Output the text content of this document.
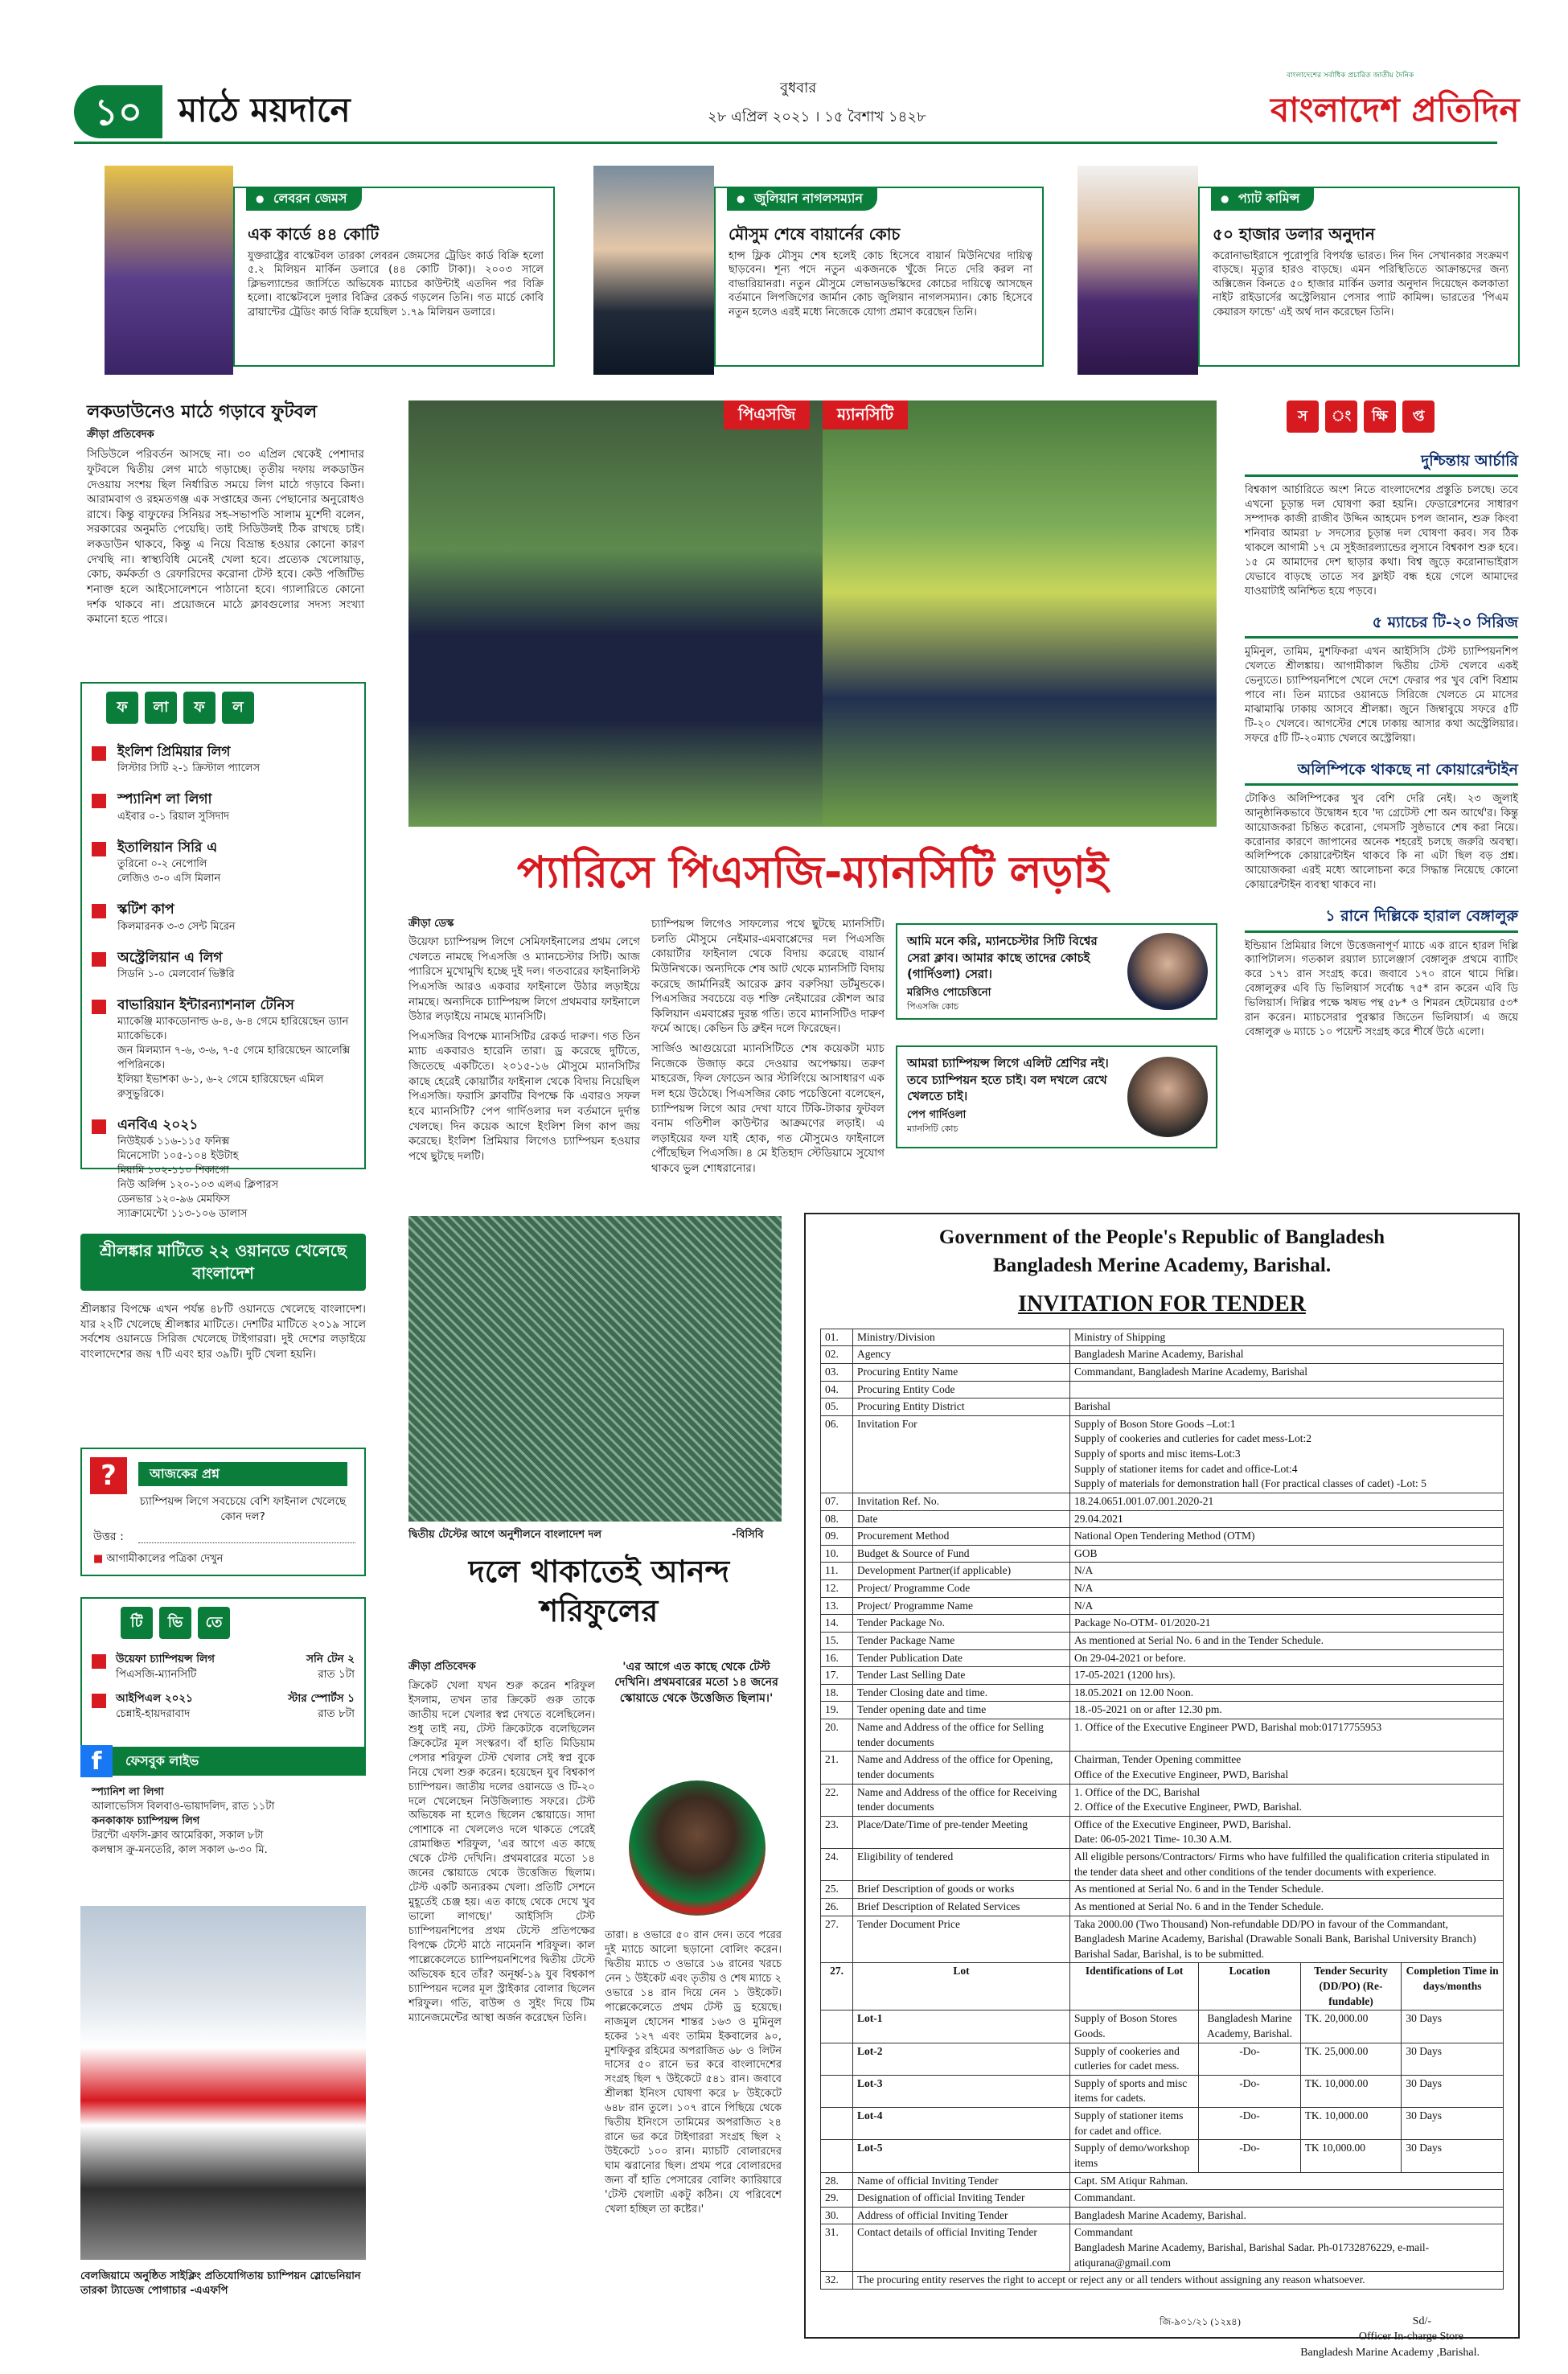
১০	মাঠে ময়দানে
বুধবার
২৮ এপ্রিল ২০২১ । ১৫ বৈশাখ ১৪২৮
বাংলাদেশের সর্বাধিক প্রচারিত জাতীয় দৈনিক
বাংলাদেশ প্রতিদিন
● লেবরন জেমস
এক কার্ডে ৪৪ কোটি
যুক্তরাষ্ট্রের বাস্কেটবল তারকা লেবরন জেমসের ট্রেডিং কার্ড বিক্রি হলো ৫.২ মিলিয়ন মার্কিন ডলারে (৪৪ কোটি টাকা)। ২০০৩ সালে ক্লিভল্যান্ডের জার্সিতে অভিষেক ম্যাচের কাউন্টাই এতদিন পর বিক্রি হলো। বাস্কেটবলে দুলার বিক্রির রেকর্ড গড়লেন তিনি। গত মার্চে কোবি ব্রায়ান্টের ট্রেডিং কার্ড বিক্রি হয়েছিল ১.৭৯ মিলিয়ন ডলারে।
● জুলিয়ান নাগলসম্যান
মৌসুম শেষে বায়ার্নের কোচ
হান্স ফ্লিক মৌসুম শেষ হলেই কোচ হিসেবে বায়ার্ন মিউনিখের দায়িত্ব ছাড়বেন। শূন্য পদে নতুন একজনকে খুঁজে নিতে দেরি করল না বাভারিয়ানরা। নতুন মৌসুমে লেভানডভস্কিদের কোচের দায়িত্বে আসছেন বর্তমানে লিপজিগের জার্মান কোচ জুলিয়ান নাগলসম্যান। কোচ হিসেবে নতুন হলেও এরই মধ্যে নিজেকে যোগ্য প্রমাণ করেছেন তিনি।
● প্যাট কামিন্স
৫০ হাজার ডলার অনুদান
করোনাভাইরাসে পুরোপুরি বিপর্যস্ত ভারত। দিন দিন সেখানকার সংক্রমণ বাড়ছে। মৃত্যুর হারও বাড়ছে। এমন পরিস্থিতিতে আক্রান্তদের জন্য অক্সিজেন কিনতে ৫০ হাজার মার্কিন ডলার অনুদান দিয়েছেন কলকাতা নাইট রাইডার্সের অস্ট্রেলিয়ান পেসার প্যাট কামিন্স। ভারতের 'পিএম কেয়ারস ফান্ডে' এই অর্থ দান করেছেন তিনি।
লকডাউনেও মাঠে গড়াবে ফুটবল
ক্রীড়া প্রতিবেদক

সিডিউলে পরিবর্তন আসছে না। ৩০ এপ্রিল থেকেই পেশাদার ফুটবলে দ্বিতীয় লেগ মাঠে গড়াচ্ছে। তৃতীয় দফায় লকডাউন দেওয়ায় সংশয় ছিল নির্ধারিত সময়ে লিগ মাঠে গড়াবে কিনা। আরামবাগ ও রহমতগঞ্জ এক সপ্তাহের জন্য পেছানোর অনুরোধও রাখে। কিন্তু বাফুফের সিনিয়র সহ-সভাপতি সালাম মুর্শেদী বলেন, সরকারের অনুমতি পেয়েছি। তাই সিডিউলই ঠিক রাখছে চাই। লকডাউন থাকবে, কিন্তু এ নিয়ে বিভ্রান্ত হওয়ার কোনো কারণ দেখছি না। স্বাস্থ্যবিধি মেনেই খেলা হবে। প্রত্যেক খেলোয়াড়, কোচ, কর্মকর্তা ও রেফারিদের করোনা টেস্ট হবে। কেউ পজিটিভ শনাক্ত হলে আইসোলেশনে পাঠানো হবে। গ্যালারিতে কোনো দর্শক থাকবে না। প্রয়োজনে মাঠে ক্লাবগুলোর সদস্য সংখ্যা কমানো হতে পারে।

ফ	লা	ফ	ল
ইংলিশ প্রিমিয়ার লিগ
লিস্টার সিটি ২-১ ক্রিস্টাল প্যালেস
স্প্যানিশ লা লিগা
এইবার ০-১ রিয়াল সুসিদাদ
ইতালিয়ান সিরি এ
তুরিনো ০-২ নেপোলি
লেজিও ৩-০ এসি মিলান
স্কটিশ কাপ
কিলমারনক ৩-৩ সেন্ট মিরেন
অস্ট্রেলিয়ান এ লিগ
সিডনি ১-০ মেলবোর্ন ভিক্টরি
বাভারিয়ান ইন্টারন্যাশনাল টেনিস
ম্যাকেঞ্জি ম্যাকডোনাল্ড ৬-৪, ৬-৪ গেমে হারিয়েছেন ড্যান ম্যাকেভিকে।
জন মিলম্যান ৭-৬, ৩-৬, ৭-৫ গেমে হারিয়েছেন আলেক্সি পপিরিনকে।
ইলিয়া ইভাশকা ৬-১, ৬-২ গেমে হারিয়েছেন এমিল রুসুভুরিকে।
এনবিএ ২০২১
নিউইয়র্ক ১১৬-১১৫ ফনিক্স
মিনেসোটা ১০৫-১০৪ ইউটাহ
মিয়ামি ১০২-১১০ শিকাগো
নিউ অর্লিন্স ১২০-১০৩ এলএ ক্লিপারস
ডেনভার ১২০-৯৬ মেমফিস
স্যাক্রামেন্টো ১১৩-১০৬ ডালাস
শ্রীলঙ্কার মাটিতে ২২ ওয়ানডে খেলেছে বাংলাদেশ

শ্রীলঙ্কার বিপক্ষে এখন পর্যন্ত ৪৮টি ওয়ানডে খেলেছে বাংলাদেশ। যার ২২টি খেলেছে শ্রীলঙ্কার মাটিতে। দেশটির মাটিতে ২০১৯ সালে সর্বশেষ ওয়ানডে সিরিজ খেলেছে টাইগাররা। দুই দেশের লড়াইয়ে বাংলাদেশের জয় ৭টি এবং হার ৩৯টি। দুটি খেলা হয়নি।

?	আজকের প্রশ্ন
চ্যাম্পিয়ন্স লিগে সবচেয়ে বেশি ফাইনাল খেলেছে কোন দল?
উত্তর :
■ আগামীকালের পত্রিকা দেখুন
টি	ভি	তে
উয়েফা চ্যাম্পিয়ন্স লিগ	সনি টেন ২
পিএসজি-ম্যানসিটি	রাত ১টা
আইপিএল ২০২১	স্টার স্পোর্টস ১
চেন্নাই-হায়দরাবাদ	রাত ৮টা
f	ফেসবুক লাইভ
স্প্যানিশ লা লিগা
আলাভেসিস বিলবাও-ভায়াদলিদ, রাত ১১টা
কনকাকাফ চ্যাম্পিয়ন্স লিগ
টরন্টো এফসি-ক্লাব আমেরিকা, সকাল ৮টা
কলম্বাস ক্রু-মনতেরি, কাল সকাল ৬-৩০ মি.
বেলজিয়ামে অনুষ্ঠিত সাইক্লিং প্রতিযোগিতায় চ্যাম্পিয়ন স্লোভেনিয়ান তারকা ট্যাডেজ পোগাচার -এএফপি
পিএসজি	ম্যানসিটি
প্যারিসে পিএসজি-ম্যানসিটি লড়াই
ক্রীড়া ডেস্ক

উয়েফা চ্যাম্পিয়ন্স লিগে সেমিফাইনালের প্রথম লেগে খেলতে নামছে পিএসজি ও ম্যানচেস্টার সিটি। আজ প্যারিসে মুখোমুখি হচ্ছে দুই দল। গতবারের ফাইনালিস্ট পিএসজি আরও একবার ফাইনালে উঠার লড়াইয়ে নামছে। অন্যদিকে চ্যাম্পিয়ন্স লিগে প্রথমবার ফাইনালে উঠার লড়াইয়ে নামছে ম্যানসিটি।

পিএসজির বিপক্ষে ম্যানসিটির রেকর্ড দারুণ। গত তিন ম্যাচ একবারও হারেনি তারা। ড্র করেছে দুটিতে, জিতেছে একটিতে। ২০১৫-১৬ মৌসুমে ম্যানসিটির কাছে হেরেই কোয়ার্টার ফাইনাল থেকে বিদায় নিয়েছিল পিএসজি। ফরাসি ক্লাবটির বিপক্ষে কি এবারও সফল হবে ম্যানসিটি? পেপ গার্দিওলার দল বর্তমানে দুর্দান্ত খেলছে। দিন কয়েক আগে ইংলিশ লিগ কাপ জয় করেছে। ইংলিশ প্রিমিয়ার লিগেও চ্যাম্পিয়ন হওয়ার পথে ছুটছে দলটি।

চ্যাম্পিয়ন্স লিগেও সাফল্যের পথে ছুটছে ম্যানসিটি। চলতি মৌসুমে নেইমার-এমবাপ্পেদের দল পিএসজি কোয়ার্টার ফাইনাল থেকে বিদায় করেছে বায়ার্ন মিউনিখকে। অন্যদিকে শেষ আট থেকে ম্যানসিটি বিদায় করেছে জার্মানিরই আরেক ক্লাব বরুসিয়া ডর্টমুন্ডকে। পিএসজির সবচেয়ে বড় শক্তি নেইমারের কৌশল আর কিলিয়ান এমবাপ্পের দুরন্ত গতি। তবে ম্যানসিটিও দারুণ ফর্মে আছে। কেভিন ডি ব্রুইন দলে ফিরেছেন।

সার্জিও আগুয়েরো ম্যানসিটিতে শেষ কয়েকটা ম্যাচ নিজেকে উজাড় করে দেওয়ার অপেক্ষায়। তরুণ মাহরেজ, ফিল ফোডেন আর স্টার্লিংয়ে আসাধারণ এক দল হয়ে উঠেছে। পিএসজির কোচ পচেত্তিনো বলেছেন, চ্যাম্পিয়ন্স লিগে আর দেখা যাবে টিকি-টাকার ফুটবল বনাম গতিশীল কাউন্টার আক্রমণের লড়াই। এ লড়াইয়ের ফল যাই হোক, গত মৌসুমেও ফাইনালে পৌঁছেছিল পিএসজি। ৪ মে ইতিহাদ স্টেডিয়ামে সুযোগ থাকবে ভুল শোধরানোর।

আমি মনে করি, ম্যানচেস্টার সিটি বিশ্বের সেরা ক্লাব। আমার কাছে তাদের কোচই (গার্দিওলা) সেরা।
মরিসিও পোচেত্তিনো
পিএসজি কোচ
আমরা চ্যাম্পিয়ন্স লিগে এলিট শ্রেণির নই। তবে চ্যাম্পিয়ন হতে চাই। বল দখলে রেখে খেলতে চাই।
পেপ গার্দিওলা
ম্যানসিটি কোচ
স	ং	ক্ষি	প্ত
দুশ্চিন্তায় আর্চারি

বিশ্বকাপ আর্চারিতে অংশ নিতে বাংলাদেশের প্রস্তুতি চলছে। তবে এখনো চূড়ান্ত দল ঘোষণা করা হয়নি। ফেডারেশনের সাধারণ সম্পাদক কাজী রাজীব উদ্দিন আহমেদ চপল জানান, শুক্র কিংবা শনিবার আমরা ৮ সদস্যের চূড়ান্ত দল ঘোষণা করব। সব ঠিক থাকলে আগামী ১৭ মে সুইজারল্যান্ডের লুসানে বিশ্বকাপ শুরু হবে। ১৫ মে আমাদের দেশ ছাড়ার কথা। বিশ্ব জুড়ে করোনাভাইরাস যেভাবে বাড়ছে তাতে সব ফ্লাইট বন্ধ হয়ে গেলে আমাদের যাওয়াটাই অনিশ্চিত হয়ে পড়বে।

৫ ম্যাচের টি-২০ সিরিজ

মুমিনুল, তামিম, মুশফিকরা এখন আইসিসি টেস্ট চ্যাম্পিয়নশিপ খেলতে শ্রীলঙ্কায়। আগামীকাল দ্বিতীয় টেস্ট খেলবে একই ভেন্যুতে। চ্যাম্পিয়নশিপে খেলে দেশে ফেরার পর খুব বেশি বিশ্রাম পাবে না। তিন ম্যাচের ওয়ানডে সিরিজে খেলতে মে মাসের মাঝামাঝি ঢাকায় আসবে শ্রীলঙ্কা। জুনে জিম্বাবুয়ে সফরে ৫টি টি-২০ খেলবে। আগস্টের শেষে ঢাকায় আসার কথা অস্ট্রেলিয়ার। সফরে ৫টি টি-২০ম্যাচ খেলবে অস্ট্রেলিয়া।

অলিম্পিকে থাকছে না কোয়ারেন্টাইন

টোকিও অলিম্পিকের খুব বেশি দেরি নেই। ২৩ জুলাই আনুষ্ঠানিকভাবে উদ্বোধন হবে 'দ্য গ্রেটেস্ট শো অন আর্থে'র। কিন্তু আয়োজকরা চিন্তিত করোনা, গেমসটি সুষ্ঠভাবে শেষ করা নিয়ে। করোনার কারণে জাপানের অনেক শহরেই চলছে জরুরি অবস্থা। অলিম্পিকে কোয়ারেন্টাইন থাকবে কি না এটা ছিল বড় প্রশ্ন। আয়োজকরা এরই মধ্যে আলোচনা করে সিদ্ধান্ত নিয়েছে কোনো কোয়ারেন্টাইন ব্যবস্থা থাকবে না।

১ রানে দিল্লিকে হারাল বেঙ্গালুরু

ইন্ডিয়ান প্রিমিয়ার লিগে উত্তেজনাপূর্ণ ম্যাচে এক রানে হারল দিল্লি ক্যাপিটালস। গতকাল রয়্যাল চ্যালেঞ্জার্স বেঙ্গালুরু প্রথমে ব্যাটিং করে ১৭১ রান সংগ্রহ করে। জবাবে ১৭০ রানে থামে দিল্লি। বেঙ্গালুরুর এবি ডি ভিলিয়ার্স সর্বোচ্চ ৭৫* রান করেন এবি ডি ভিলিয়ার্স। দিল্লির পক্ষে ঋষভ পন্থ ৫৮* ও শিমরন হেটমেয়ার ৫৩* রান করেন। ম্যাচসেরার পুরস্কার জিতেন ভিলিয়ার্স। এ জয়ে বেঙ্গালুরু ৬ ম্যাচে ১০ পয়েন্ট সংগ্রহ করে শীর্ষে উঠে এলো।

দ্বিতীয় টেস্টের আগে অনুশীলনে বাংলাদেশ দল	-বিসিবি
দলে থাকাতেই আনন্দ শরিফুলের
ক্রীড়া প্রতিবেদক	'এর আগে এত কাছে থেকে টেস্ট দেখিনি। প্রথমবারের মতো ১৪ জনের স্কোয়াডে থেকে উত্তেজিত ছিলাম।'

ক্রিকেট খেলা যখন শুরু করেন শরিফুল ইসলাম, তখন তার ক্রিকেট গুরু তাকে জাতীয় দলে খেলার স্বপ্ন দেখতে বলেছিলেন। শুধু তাই নয়, টেস্ট ক্রিকেটকে বলেছিলেন ক্রিকেটের মূল সংস্করণ। বাঁ হাতি মিডিয়াম পেসার শরিফুল টেস্ট খেলার সেই স্বপ্ন বুকে নিয়ে খেলা শুরু করেন। হয়েছেন যুব বিশ্বকাপ চ্যাম্পিয়ন। জাতীয় দলের ওয়ানডে ও টি-২০ দলে খেলেছেন নিউজিল্যান্ড সফরে। টেস্ট অভিষেক না হলেও ছিলেন স্কোয়াডে। সাদা পোশাকে না খেললেও দলে থাকতে পেরেই রোমাঞ্চিত শরিফুল, 'এর আগে এত কাছে থেকে টেস্ট দেখিনি। প্রথমবারের মতো ১৪ জনের স্কোয়াডে থেকে উত্তেজিত ছিলাম। টেস্ট একটি অন্যরকম খেলা। প্রতিটি সেশনে মুহূর্তেই চেঞ্জ হয়। এত কাছে থেকে দেখে খুব ভালো লাগছে।' আইসিসি টেস্ট চ্যাম্পিয়নশিপের প্রথম টেস্টে প্রতিপক্ষের বিপক্ষে টেস্টে মাঠে নামেননি শরিফুল। কাল পাল্লেকেলেতে চ্যাম্পিয়নশিপের দ্বিতীয় টেস্টে অভিষেক হবে তাঁর? অনূর্ধ্ব-১৯ যুব বিশ্বকাপ চ্যাম্পিয়ন দলের মূল স্ট্রাইকার বোলার ছিলেন শরিফুল। গতি, বাউন্স ও সুইং দিয়ে টিম ম্যানেজমেন্টের আস্থা অর্জন করেছেন তিনি।

তারা। ৪ ওভারে ৫০ রান দেন। তবে পরের দুই ম্যাচে আলো ছড়ানো বোলিং করেন। দ্বিতীয় ম্যাচে ৩ ওভারে ১৬ রানের খরচে নেন ১ উইকেট এবং তৃতীয় ও শেষ ম্যাচে ২ ওভারে ১৪ রান দিয়ে নেন ১ উইকেট। পাল্লেকেলেতে প্রথম টেস্ট ড্র হয়েছে। নাজমুল হোসেন শান্তর ১৬৩ ও মুমিনুল হকের ১২৭ এবং তামিম ইকবালের ৯০, মুশফিকুর রহিমের অপরাজিত ৬৮ ও লিটন দাসের ৫০ রানে ভর করে বাংলাদেশের সংগ্রহ ছিল ৭ উইকেটে ৫৪১ রান। জবাবে শ্রীলঙ্কা ইনিংস ঘোষণা করে ৮ উইকেটে ৬৪৮ রান তুলে। ১০৭ রানে পিছিয়ে থেকে দ্বিতীয় ইনিংসে তামিমের অপরাজিত ২৪ রানে ভর করে টাইগাররা সংগ্রহ ছিল ২ উইকেটে ১০০ রান। ম্যাচটি বোলারদের ঘাম ঝরানোর ছিল। প্রথম পরে বোলারদের জন্য বাঁ হাতি পেসারের বোলিং ক্যারিয়ারে 'টেস্ট খেলাটা একটু কঠিন। যে পরিবেশে খেলা হচ্ছিল তা কষ্টের।'

Government of the People's Republic of Bangladesh
Bangladesh Merine Academy, Barishal.
INVITATION FOR TENDER
01.	Ministry/Division	Ministry of Shipping			
02.	Agency	Bangladesh Marine Academy, Barishal			
03.	Procuring Entity Name	Commandant, Bangladesh Marine Academy, Barishal			
04.	Procuring Entity Code				
05.	Procuring Entity District	Barishal			
06.	Invitation For	Supply of Boson Store Goods –Lot:1
Supply of cookeries and cutleries for cadet mess-Lot:2
Supply of sports and misc items-Lot:3
Supply of stationer items for cadet and office-Lot:4
Supply of materials for demonstration hall (For practical classes of cadet) -Lot: 5			
07.	Invitation Ref. No.	18.24.0651.001.07.001.2020-21			
08.	Date	29.04.2021			
09.	Procurement Method	National Open Tendering Method (OTM)			
10.	Budget & Source of Fund	GOB			
11.	Development Partner(if applicable)	N/A			
12.	Project/ Programme Code	N/A			
13.	Project/ Programme Name	N/A			
14.	Tender Package No.	Package No-OTM- 01/2020-21			
15.	Tender Package Name	As mentioned at Serial No. 6 and in the Tender Schedule.			
16.	Tender Publication Date	On 29-04-2021 or before.			
17.	Tender Last Selling Date	17-05-2021 (1200 hrs).			
18.	Tender Closing date and time.	18.05.2021 on 12.00 Noon.			
19.	Tender opening date and time	18.-05-2021 on or after 12.30 pm.			
20.	Name and Address of the office for Selling tender documents	1. Office of the Executive Engineer PWD, Barishal mob:01717755953			
21.	Name and Address of the office for Opening, tender documents	Chairman, Tender Opening committee
Office of the Executive Engineer, PWD, Barishal			
22.	Name and Address of the office for Receiving tender documents	1. Office of the DC, Barishal
2. Office of the Executive Engineer, PWD, Barishal.			
23.	Place/Date/Time of pre-tender Meeting	Office of the Executive Engineer, PWD, Barishal.
Date: 06-05-2021 Time- 10.30 A.M.			
24.	Eligibility of tendered	All eligible persons/Contractors/ Firms who have fulfilled the qualification criteria stipulated in the tender data sheet and other conditions of the tender documents with experience.			
25.	Brief Description of goods or works	As mentioned at Serial No. 6 and in the Tender Schedule.			
26.	Brief Description of Related Services	As mentioned at Serial No. 6 and in the Tender Schedule.			
27.	Tender Document Price	Taka 2000.00 (Two Thousand) Non-refundable DD/PO in favour of the Commandant, Bangladesh Marine Academy, Barishal (Drawable Sonali Bank, Barishal University Branch) Barishal Sadar, Barishal, is to be submitted.			
27.	Lot	Identifications of Lot	Location	Tender Security (DD/PO) (Re-fundable)	Completion Time in days/months
	Lot-1	Supply of Boson Stores Goods.	Bangladesh Marine Academy, Barishal.	TK. 20,000.00	30 Days
	Lot-2	Supply of cookeries and cutleries for cadet mess.	-Do-	TK. 25,000.00	30 Days
	Lot-3	Supply of sports and misc items for cadets.	-Do-	TK. 10,000.00	30 Days
	Lot-4	Supply of stationer items for cadet and office.	-Do-	TK. 10,000.00	30 Days
	Lot-5	Supply of demo/workshop items	-Do-	TK 10,000.00	30 Days
28.	Name of official Inviting Tender	Capt. SM Atiqur Rahman.			
29.	Designation of official Inviting Tender	Commandant.			
30.	Address of official Inviting Tender	Bangladesh Marine Academy, Barishal.			
31.	Contact details of official Inviting Tender	Commandant
Bangladesh Marine Academy, Barishal, Barishal Sadar. Ph-01732876229, e-mail-atiqurana@gmail.com			
32.	The procuring entity reserves the right to accept or reject any or all tenders without assigning any reason whatsoever.				
Sd/-
Officer In-charge Store
Bangladesh Marine Academy ,Barishal.
জি-৯০১/২১ (১২x৪)
